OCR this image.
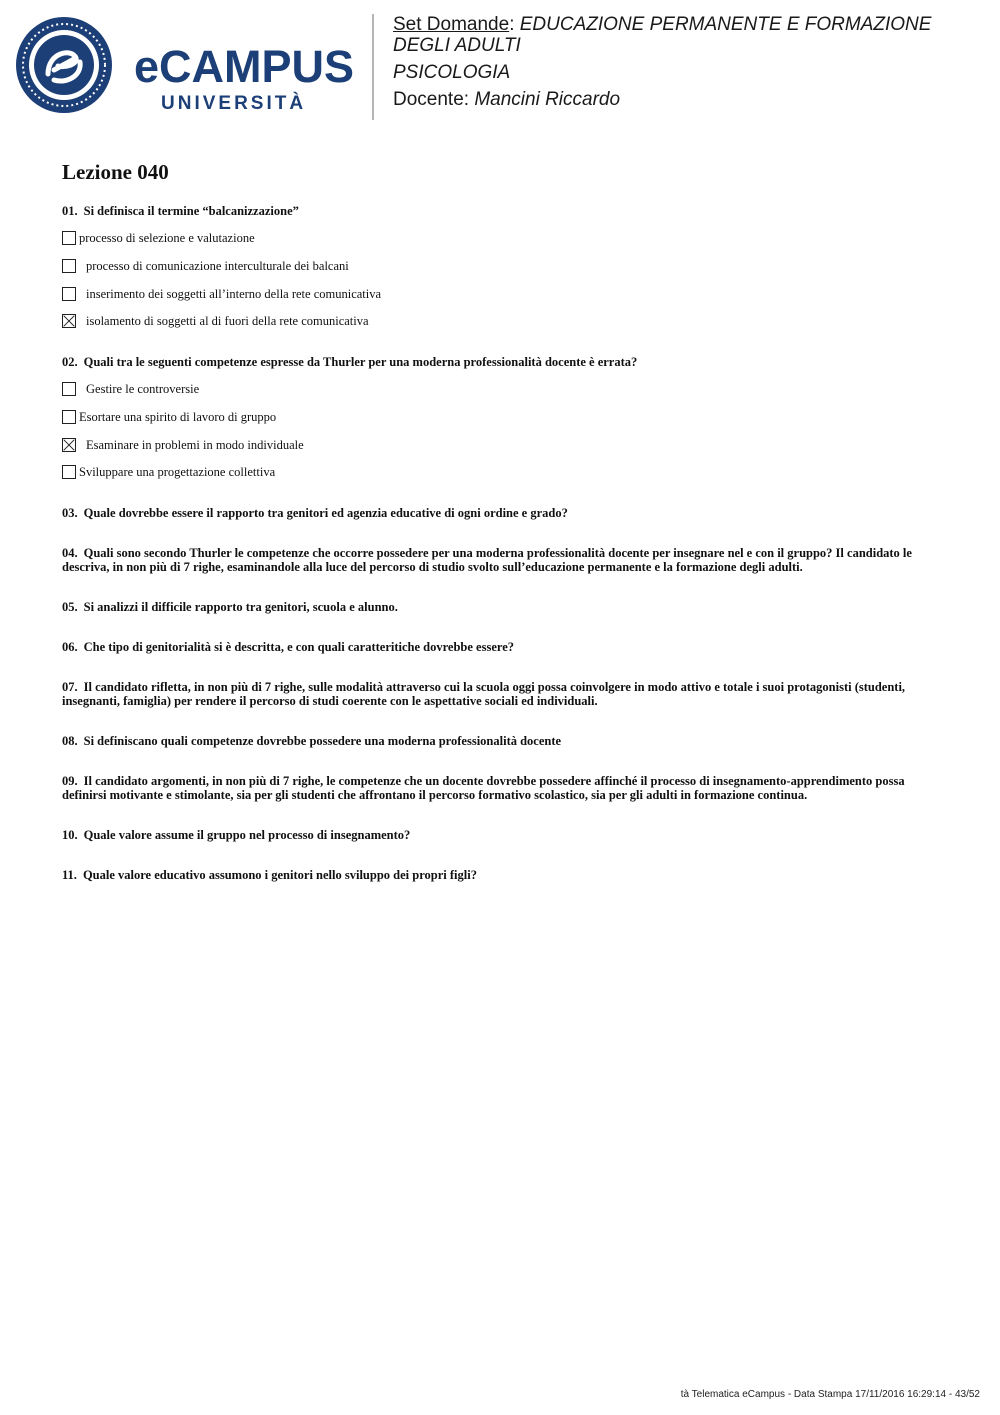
eCAMPUS
UNIVERSITÀ

Set Domande: EDUCAZIONE PERMANENTE E FORMAZIONE DEGLI ADULTI

PSICOLOGIA

Docente: Mancini Riccardo

Lezione 040
01. Si definisca il termine “balcanizzazione”
processo di selezione e valutazione
processo di comunicazione interculturale dei balcani
inserimento dei soggetti all’interno della rete comunicativa
isolamento di soggetti al di fuori della rete comunicativa
02. Quali tra le seguenti competenze espresse da Thurler per una moderna professionalità docente è errata?
Gestire le controversie
Esortare una spirito di lavoro di gruppo
Esaminare in problemi in modo individuale
Sviluppare una progettazione collettiva
03. Quale dovrebbe essere il rapporto tra genitori ed agenzia educative di ogni ordine e grado?
04. Quali sono secondo Thurler le competenze che occorre possedere per una moderna professionalità docente per insegnare nel e con il gruppo? Il candidato le descriva, in non più di 7 righe, esaminandole alla luce del percorso di studio svolto sull’educazione permanente e la formazione degli adulti.
05. Si analizzi il difficile rapporto tra genitori, scuola e alunno.
06. Che tipo di genitorialità si è descritta, e con quali caratteritiche dovrebbe essere?
07. Il candidato rifletta, in non più di 7 righe, sulle modalità attraverso cui la scuola oggi possa coinvolgere in modo attivo e totale i suoi protagonisti (studenti, insegnanti, famiglia) per rendere il percorso di studi coerente con le aspettative sociali ed individuali.
08. Si definiscano quali competenze dovrebbe possedere una moderna professionalità docente
09. Il candidato argomenti, in non più di 7 righe, le competenze che un docente dovrebbe possedere affinché il processo di insegnamento-apprendimento possa definirsi motivante e stimolante, sia per gli studenti che affrontano il percorso formativo scolastico, sia per gli adulti in formazione continua.
10. Quale valore assume il gruppo nel processo di insegnamento?
11. Quale valore educativo assumono i genitori nello sviluppo dei propri figli?
tà Telematica eCampus - Data Stampa 17/11/2016 16:29:14 - 43/52
